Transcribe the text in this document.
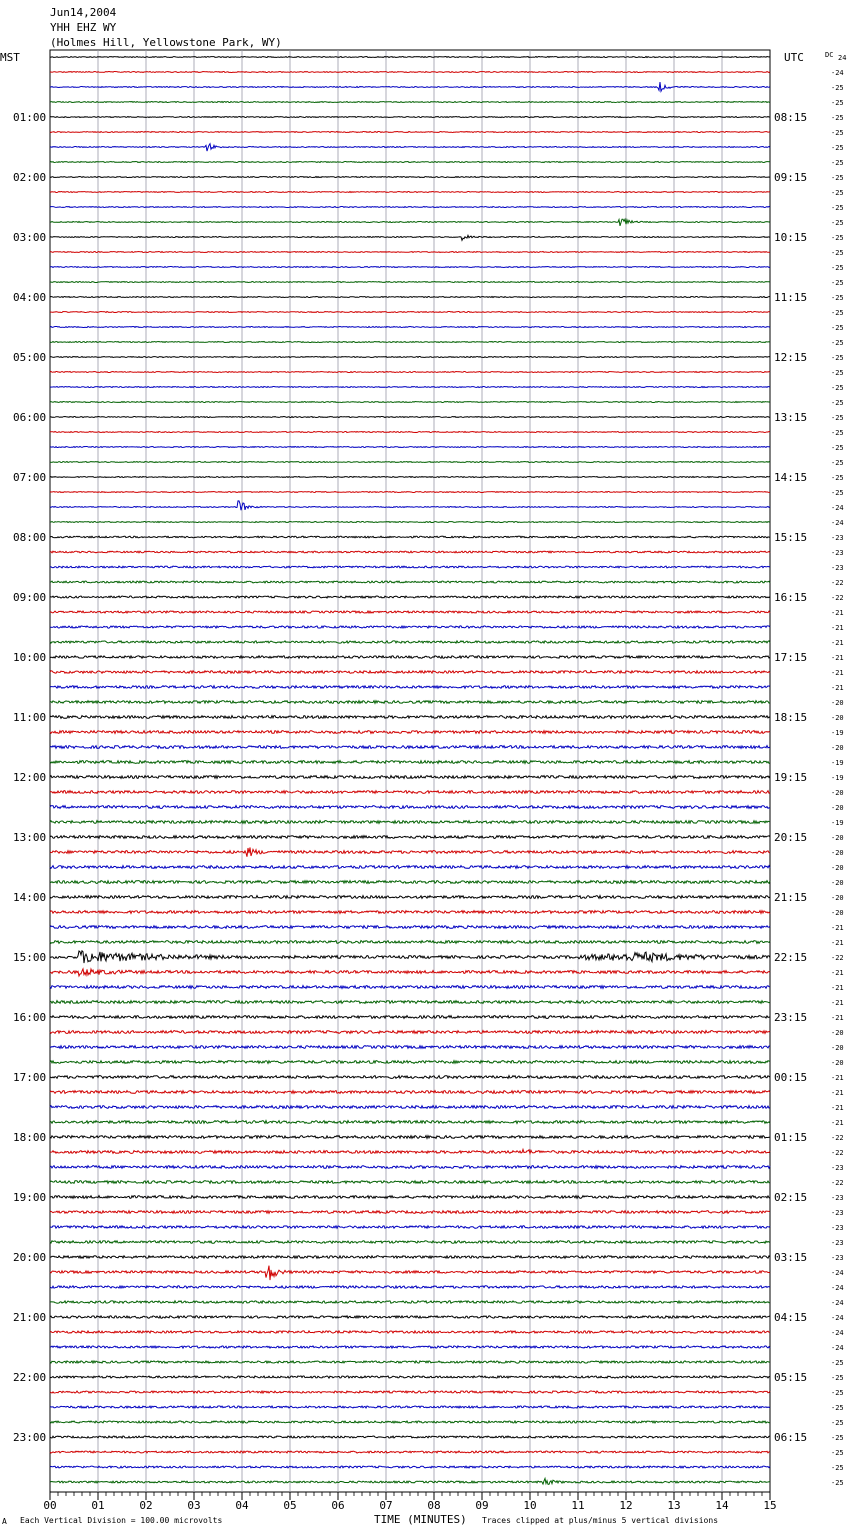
Jun14,2004
YHH EHZ WY
(Holmes Hill, Yellowstone Park, WY)
MST	UTC	DC
01:00
02:00
03:00
04:00
05:00
06:00
07:00
08:00
09:00
10:00
11:00
12:00
13:00
14:00
15:00
16:00
17:00
18:00
19:00
20:00
21:00
22:00
23:00
08:15
09:15
10:15
11:15
12:15
13:15
14:15
15:15
16:15
17:15
18:15
19:15
20:15
21:15
22:15
23:15
00:15
01:15
02:15
03:15
04:15
05:15
06:15
24
-24
-25
-25
-25
-25
-25
-25
-25
-25
-25
-25
-25
-25
-25
-25
-25
-25
-25
-25
-25
-25
-25
-25
-25
-25
-25
-25
-25
-25
-24
-24
-23
-23
-23
-22
-22
-21
-21
-21
-21
-21
-21
-20
-20
-19
-20
-19
-19
-20
-20
-19
-20
-20
-20
-20
-20
-20
-21
-21
-22
-21
-21
-21
-21
-20
-20
-20
-21
-21
-21
-21
-22
-22
-23
-22
-23
-23
-23
-23
-23
-24
-24
-24
-24
-24
-24
-25
-25
-25
-25
-25
-25
-25
-25
-25
00	01	02	03	04	05	06	07	08	09	10	11	12	13	14	15
TIME (MINUTES)
A Each Vertical Division = 100.00 microvolts	Traces clipped at plus/minus 5 vertical divisions
